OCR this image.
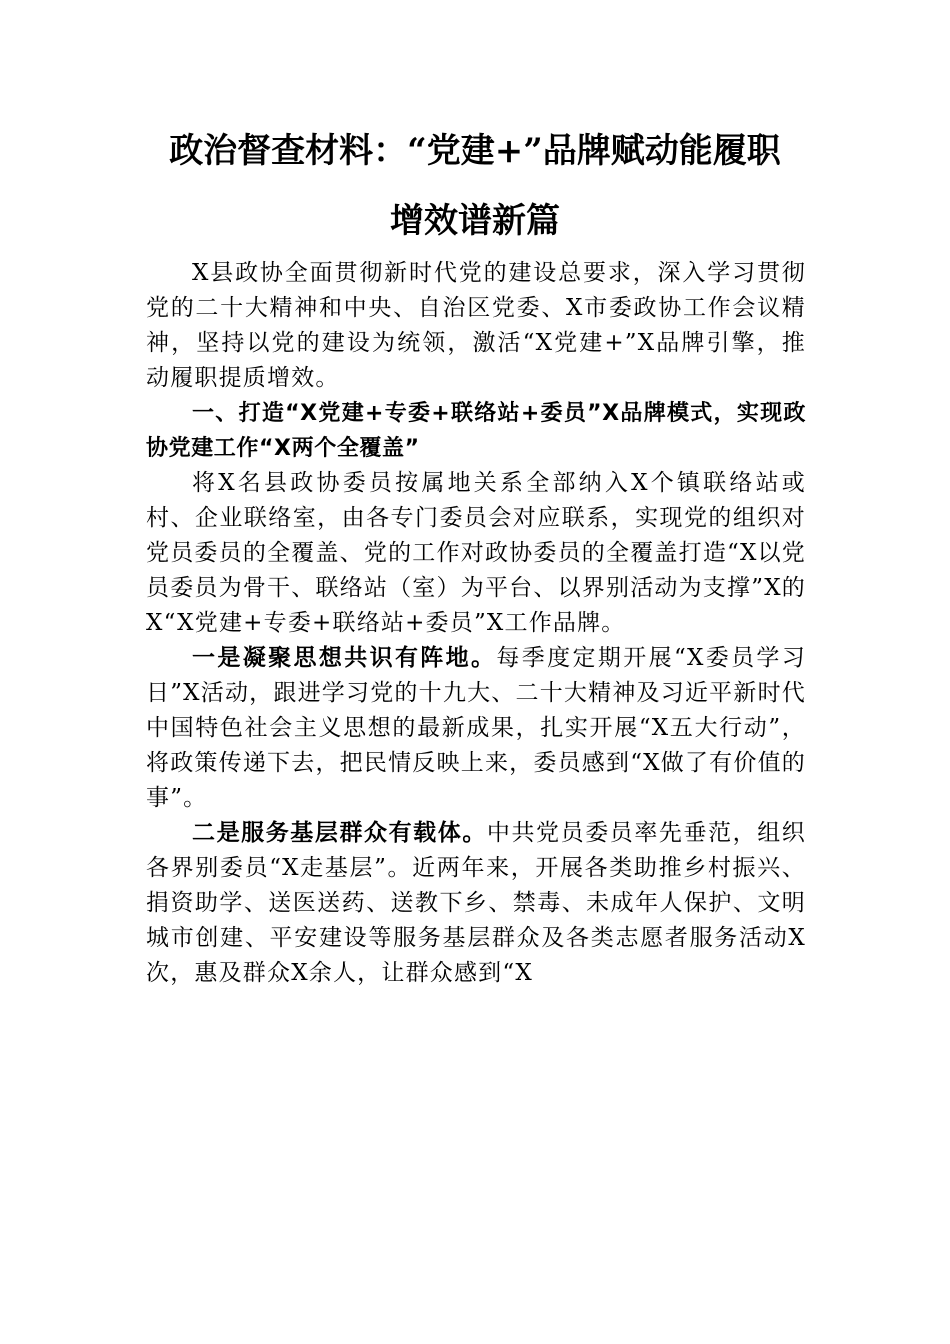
政治督查材料：“党建+”品牌赋动能履职
增效谱新篇

X县政协全面贯彻新时代党的建设总要求，深入学习贯彻党的二十大精神和中央、自治区党委、X市委政协工作会议精神，坚持以党的建设为统领，激活“X党建+”X品牌引擎，推动履职提质增效。

一、打造“X党建+专委+联络站+委员”X品牌模式，实现政协党建工作“X两个全覆盖”

将X名县政协委员按属地关系全部纳入X个镇联络站或村、企业联络室，由各专门委员会对应联系，实现党的组织对党员委员的全覆盖、党的工作对政协委员的全覆盖打造“X以党员委员为骨干、联络站（室）为平台、以界别活动为支撑”X的X“X党建+专委+联络站+委员”X工作品牌。

一是凝聚思想共识有阵地。每季度定期开展“X委员学习日”X活动，跟进学习党的十九大、二十大精神及习近平新时代中国特色社会主义思想的最新成果，扎实开展“X五大行动”，将政策传递下去，把民情反映上来，委员感到“X做了有价值的事”。

二是服务基层群众有载体。中共党员委员率先垂范，组织各界别委员“X走基层”。近两年来，开展各类助推乡村振兴、捐资助学、送医送药、送教下乡、禁毒、未成年人保护、文明城市创建、平安建设等服务基层群众及各类志愿者服务活动X次，惠及群众X余人，让群众感到“X
